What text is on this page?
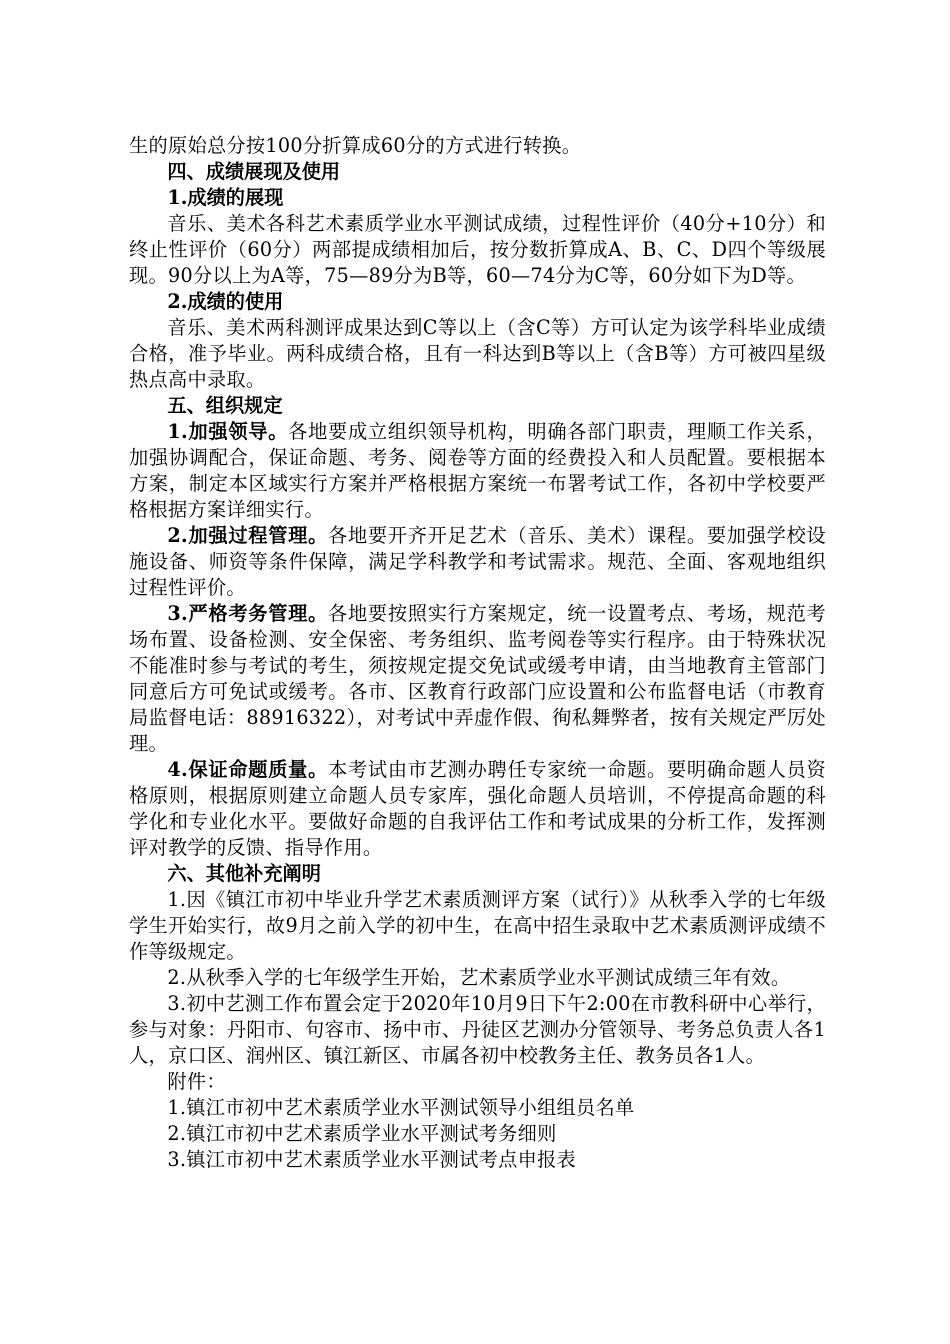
生的原始总分按100分折算成60分的方式进行转换。

四、成绩展现及使用

1.成绩的展现

音乐、美术各科艺术素质学业水平测试成绩，过程性评价（40分+10分）和终止性评价（60分）两部提成绩相加后，按分数折算成A、B、C、D四个等级展现。90分以上为A等，75—89分为B等，60—74分为C等，60分如下为D等。

2.成绩的使用

音乐、美术两科测评成果达到C等以上（含C等）方可认定为该学科毕业成绩合格，准予毕业。两科成绩合格，且有一科达到B等以上（含B等）方可被四星级热点高中录取。

五、组织规定

1.加强领导。各地要成立组织领导机构，明确各部门职责，理顺工作关系，加强协调配合，保证命题、考务、阅卷等方面的经费投入和人员配置。要根据本方案，制定本区域实行方案并严格根据方案统一布署考试工作，各初中学校要严格根据方案详细实行。

2.加强过程管理。各地要开齐开足艺术（音乐、美术）课程。要加强学校设施设备、师资等条件保障，满足学科教学和考试需求。规范、全面、客观地组织过程性评价。

3.严格考务管理。各地要按照实行方案规定，统一设置考点、考场，规范考场布置、设备检测、安全保密、考务组织、监考阅卷等实行程序。由于特殊状况不能准时参与考试的考生，须按规定提交免试或缓考申请，由当地教育主管部门同意后方可免试或缓考。各市、区教育行政部门应设置和公布监督电话（市教育局监督电话：88916322），对考试中弄虚作假、徇私舞弊者，按有关规定严厉处理。

4.保证命题质量。本考试由市艺测办聘任专家统一命题。要明确命题人员资格原则，根据原则建立命题人员专家库，强化命题人员培训，不停提高命题的科学化和专业化水平。要做好命题的自我评估工作和考试成果的分析工作，发挥测评对教学的反馈、指导作用。

六、其他补充阐明

1.因《镇江市初中毕业升学艺术素质测评方案（试行）》从秋季入学的七年级学生开始实行，故9月之前入学的初中生，在高中招生录取中艺术素质测评成绩不作等级规定。

2.从秋季入学的七年级学生开始，艺术素质学业水平测试成绩三年有效。

3.初中艺测工作布置会定于2020年10月9日下午2:00在市教科研中心举行，参与对象：丹阳市、句容市、扬中市、丹徒区艺测办分管领导、考务总负责人各1人，京口区、润州区、镇江新区、市属各初中校教务主任、教务员各1人。

附件：

1.镇江市初中艺术素质学业水平测试领导小组组员名单

2.镇江市初中艺术素质学业水平测试考务细则

3.镇江市初中艺术素质学业水平测试考点申报表
